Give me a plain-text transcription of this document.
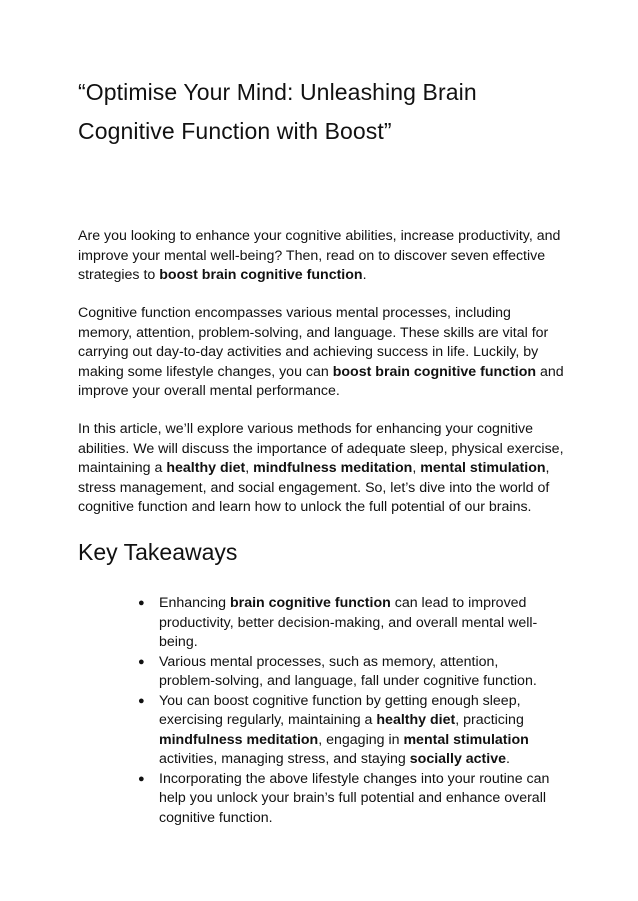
“Optimise Your Mind: Unleashing Brain Cognitive Function with Boost”

Are you looking to enhance your cognitive abilities, increase productivity, and improve your mental well-being? Then, read on to discover seven effective strategies to boost brain cognitive function.

Cognitive function encompasses various mental processes, including memory, attention, problem-solving, and language. These skills are vital for carrying out day-to-day activities and achieving success in life. Luckily, by making some lifestyle changes, you can boost brain cognitive function and improve your overall mental performance.

In this article, we’ll explore various methods for enhancing your cognitive abilities. We will discuss the importance of adequate sleep, physical exercise, maintaining a healthy diet, mindfulness meditation, mental stimulation, stress management, and social engagement. So, let’s dive into the world of cognitive function and learn how to unlock the full potential of our brains.

Key Takeaways
● Enhancing brain cognitive function can lead to improved productivity, better decision-making, and overall mental well-being.
● Various mental processes, such as memory, attention, problem-solving, and language, fall under cognitive function.
● You can boost cognitive function by getting enough sleep, exercising regularly, maintaining a healthy diet, practicing mindfulness meditation, engaging in mental stimulation activities, managing stress, and staying socially active.
● Incorporating the above lifestyle changes into your routine can help you unlock your brain’s full potential and enhance overall cognitive function.
